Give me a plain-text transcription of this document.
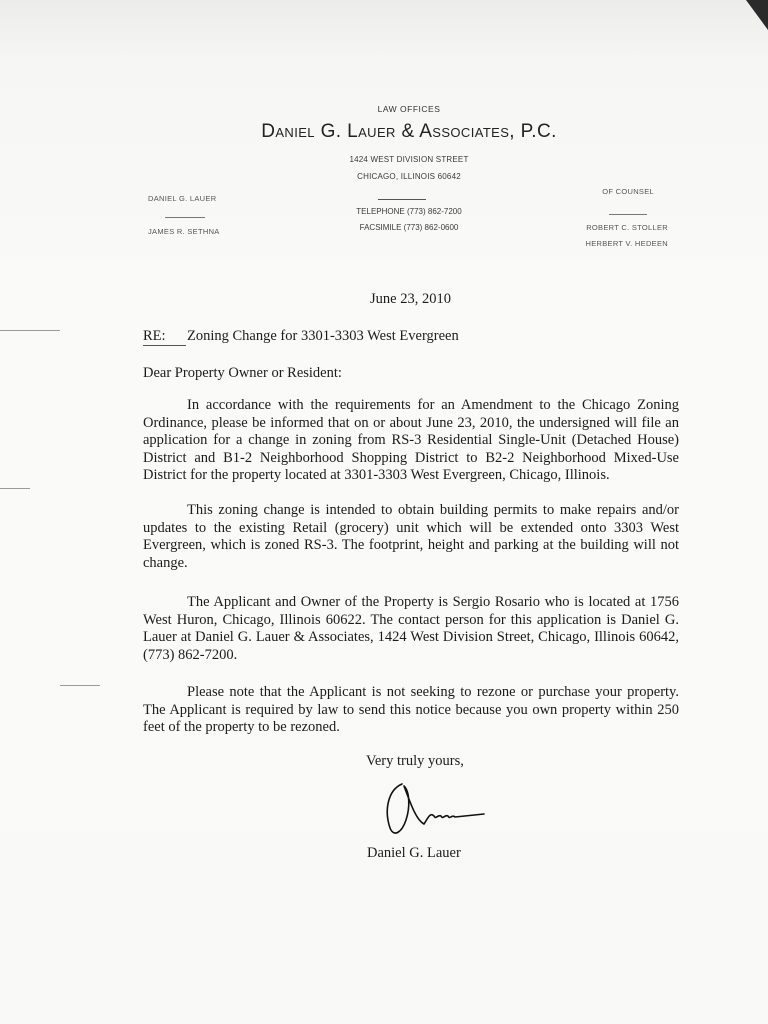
LAW OFFICES
Daniel G. Lauer & Associates, P.C.
1424 WEST DIVISION STREET
CHICAGO, ILLINOIS 60642
TELEPHONE (773) 862-7200
FACSIMILE (773) 862-0600
DANIEL G. LAUER
JAMES R. SETHNA
OF COUNSEL
ROBERT C. STOLLER
HERBERT V. HEDEEN
June 23, 2010
RE: Zoning Change for 3301-3303 West Evergreen
Dear Property Owner or Resident:

In accordance with the requirements for an Amendment to the Chicago Zoning Ordinance, please be informed that on or about June 23, 2010, the undersigned will file an application for a change in zoning from RS-3 Residential Single-Unit (Detached House) District and B1-2 Neighborhood Shopping District to B2-2 Neighborhood Mixed-Use District for the property located at 3301-3303 West Evergreen, Chicago, Illinois.

This zoning change is intended to obtain building permits to make repairs and/or updates to the existing Retail (grocery) unit which will be extended onto 3303 West Evergreen, which is zoned RS-3. The footprint, height and parking at the building will not change.

The Applicant and Owner of the Property is Sergio Rosario who is located at 1756 West Huron, Chicago, Illinois 60622. The contact person for this application is Daniel G. Lauer at Daniel G. Lauer & Associates, 1424 West Division Street, Chicago, Illinois 60642, (773) 862-7200.

Please note that the Applicant is not seeking to rezone or purchase your property. The Applicant is required by law to send this notice because you own property within 250 feet of the property to be rezoned.

Very truly yours,
Daniel G. Lauer
